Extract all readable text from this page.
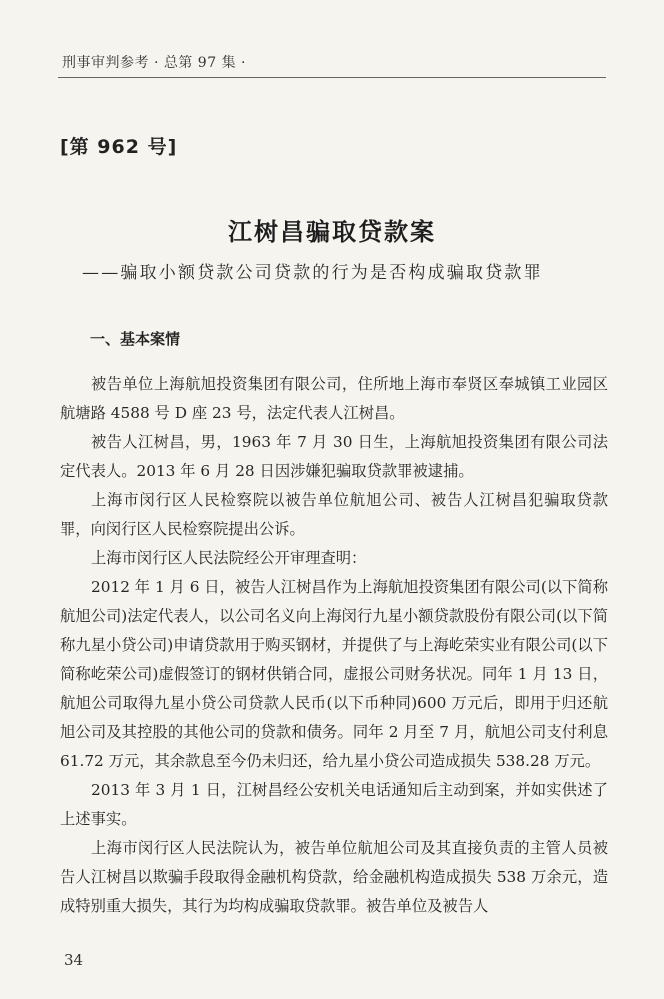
刑事审判参考 · 总第 97 集 ·
[第 962 号]
江树昌骗取贷款案
——骗取小额贷款公司贷款的行为是否构成骗取贷款罪
一、基本案情

被告单位上海航旭投资集团有限公司，住所地上海市奉贤区奉城镇工业园区航塘路 4588 号 D 座 23 号，法定代表人江树昌。

被告人江树昌，男，1963 年 7 月 30 日生，上海航旭投资集团有限公司法定代表人。2013 年 6 月 28 日因涉嫌犯骗取贷款罪被逮捕。

上海市闵行区人民检察院以被告单位航旭公司、被告人江树昌犯骗取贷款罪，向闵行区人民检察院提出公诉。

上海市闵行区人民法院经公开审理查明：

2012 年 1 月 6 日，被告人江树昌作为上海航旭投资集团有限公司(以下简称航旭公司)法定代表人，以公司名义向上海闵行九星小额贷款股份有限公司(以下简称九星小贷公司)申请贷款用于购买钢材，并提供了与上海屹荣实业有限公司(以下简称屹荣公司)虚假签订的钢材供销合同，虚报公司财务状况。同年 1 月 13 日，航旭公司取得九星小贷公司贷款人民币(以下币种同)600 万元后，即用于归还航旭公司及其控股的其他公司的贷款和债务。同年 2 月至 7 月，航旭公司支付利息 61.72 万元，其余款息至今仍未归还，给九星小贷公司造成损失 538.28 万元。

2013 年 3 月 1 日，江树昌经公安机关电话通知后主动到案，并如实供述了上述事实。

上海市闵行区人民法院认为，被告单位航旭公司及其直接负责的主管人员被告人江树昌以欺骗手段取得金融机构贷款，给金融机构造成损失 538 万余元，造成特别重大损失，其行为均构成骗取贷款罪。被告单位及被告人

34
